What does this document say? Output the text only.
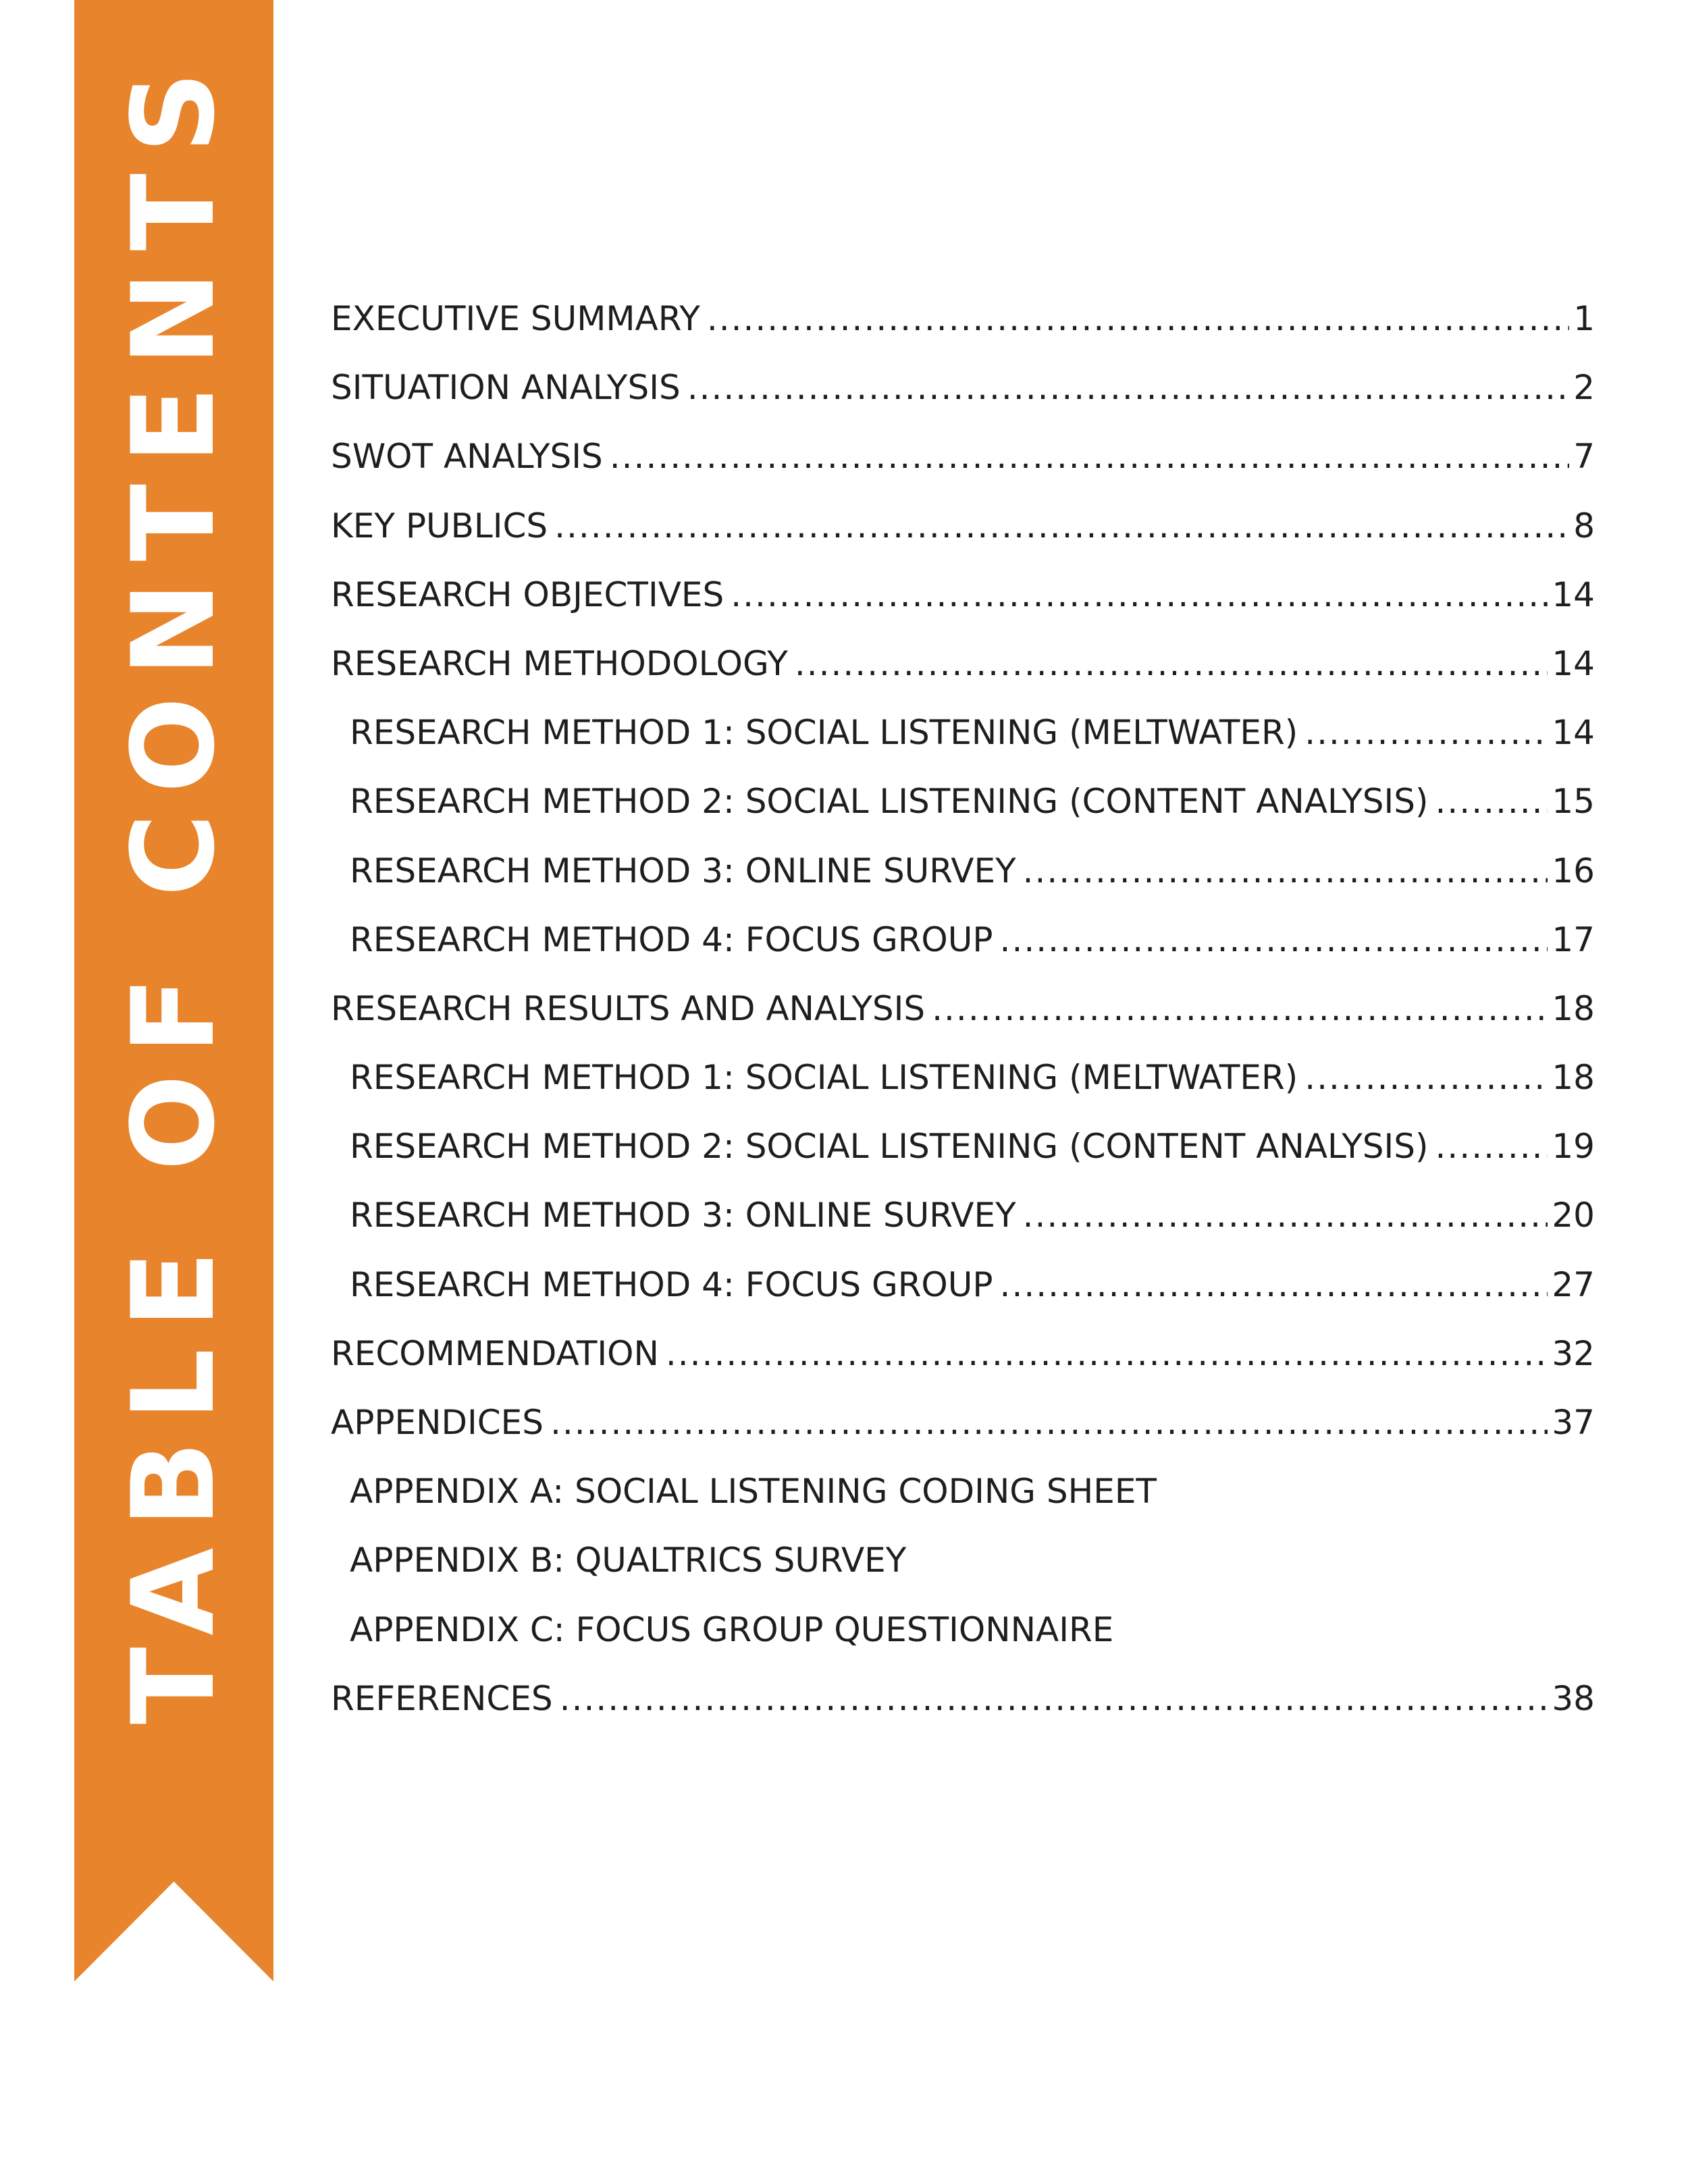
TABLE OF CONTENTS	EXECUTIVE SUMMARY .....	1
SITUATION ANALYSIS .....	2
SWOT ANALYSIS .....	7
KEY PUBLICS .....	8
RESEARCH OBJECTIVES .....	14
RESEARCH METHODOLOGY .....	14
RESEARCH METHOD 1: SOCIAL LISTENING (MELTWATER) .....	14
RESEARCH METHOD 2: SOCIAL LISTENING (CONTENT ANALYSIS) .....	15
RESEARCH METHOD 3: ONLINE SURVEY .....	16
RESEARCH METHOD 4: FOCUS GROUP .....	17
RESEARCH RESULTS AND ANALYSIS .....	18
RESEARCH METHOD 1: SOCIAL LISTENING (MELTWATER) .....	18
RESEARCH METHOD 2: SOCIAL LISTENING (CONTENT ANALYSIS) .....	19
RESEARCH METHOD 3: ONLINE SURVEY .....	20
RESEARCH METHOD 4: FOCUS GROUP .....	27
RECOMMENDATION .....	32
APPENDICES .....	37
APPENDIX A: SOCIAL LISTENING CODING SHEET
APPENDIX B: QUALTRICS SURVEY
APPENDIX C: FOCUS GROUP QUESTIONNAIRE
REFERENCES .....	38
